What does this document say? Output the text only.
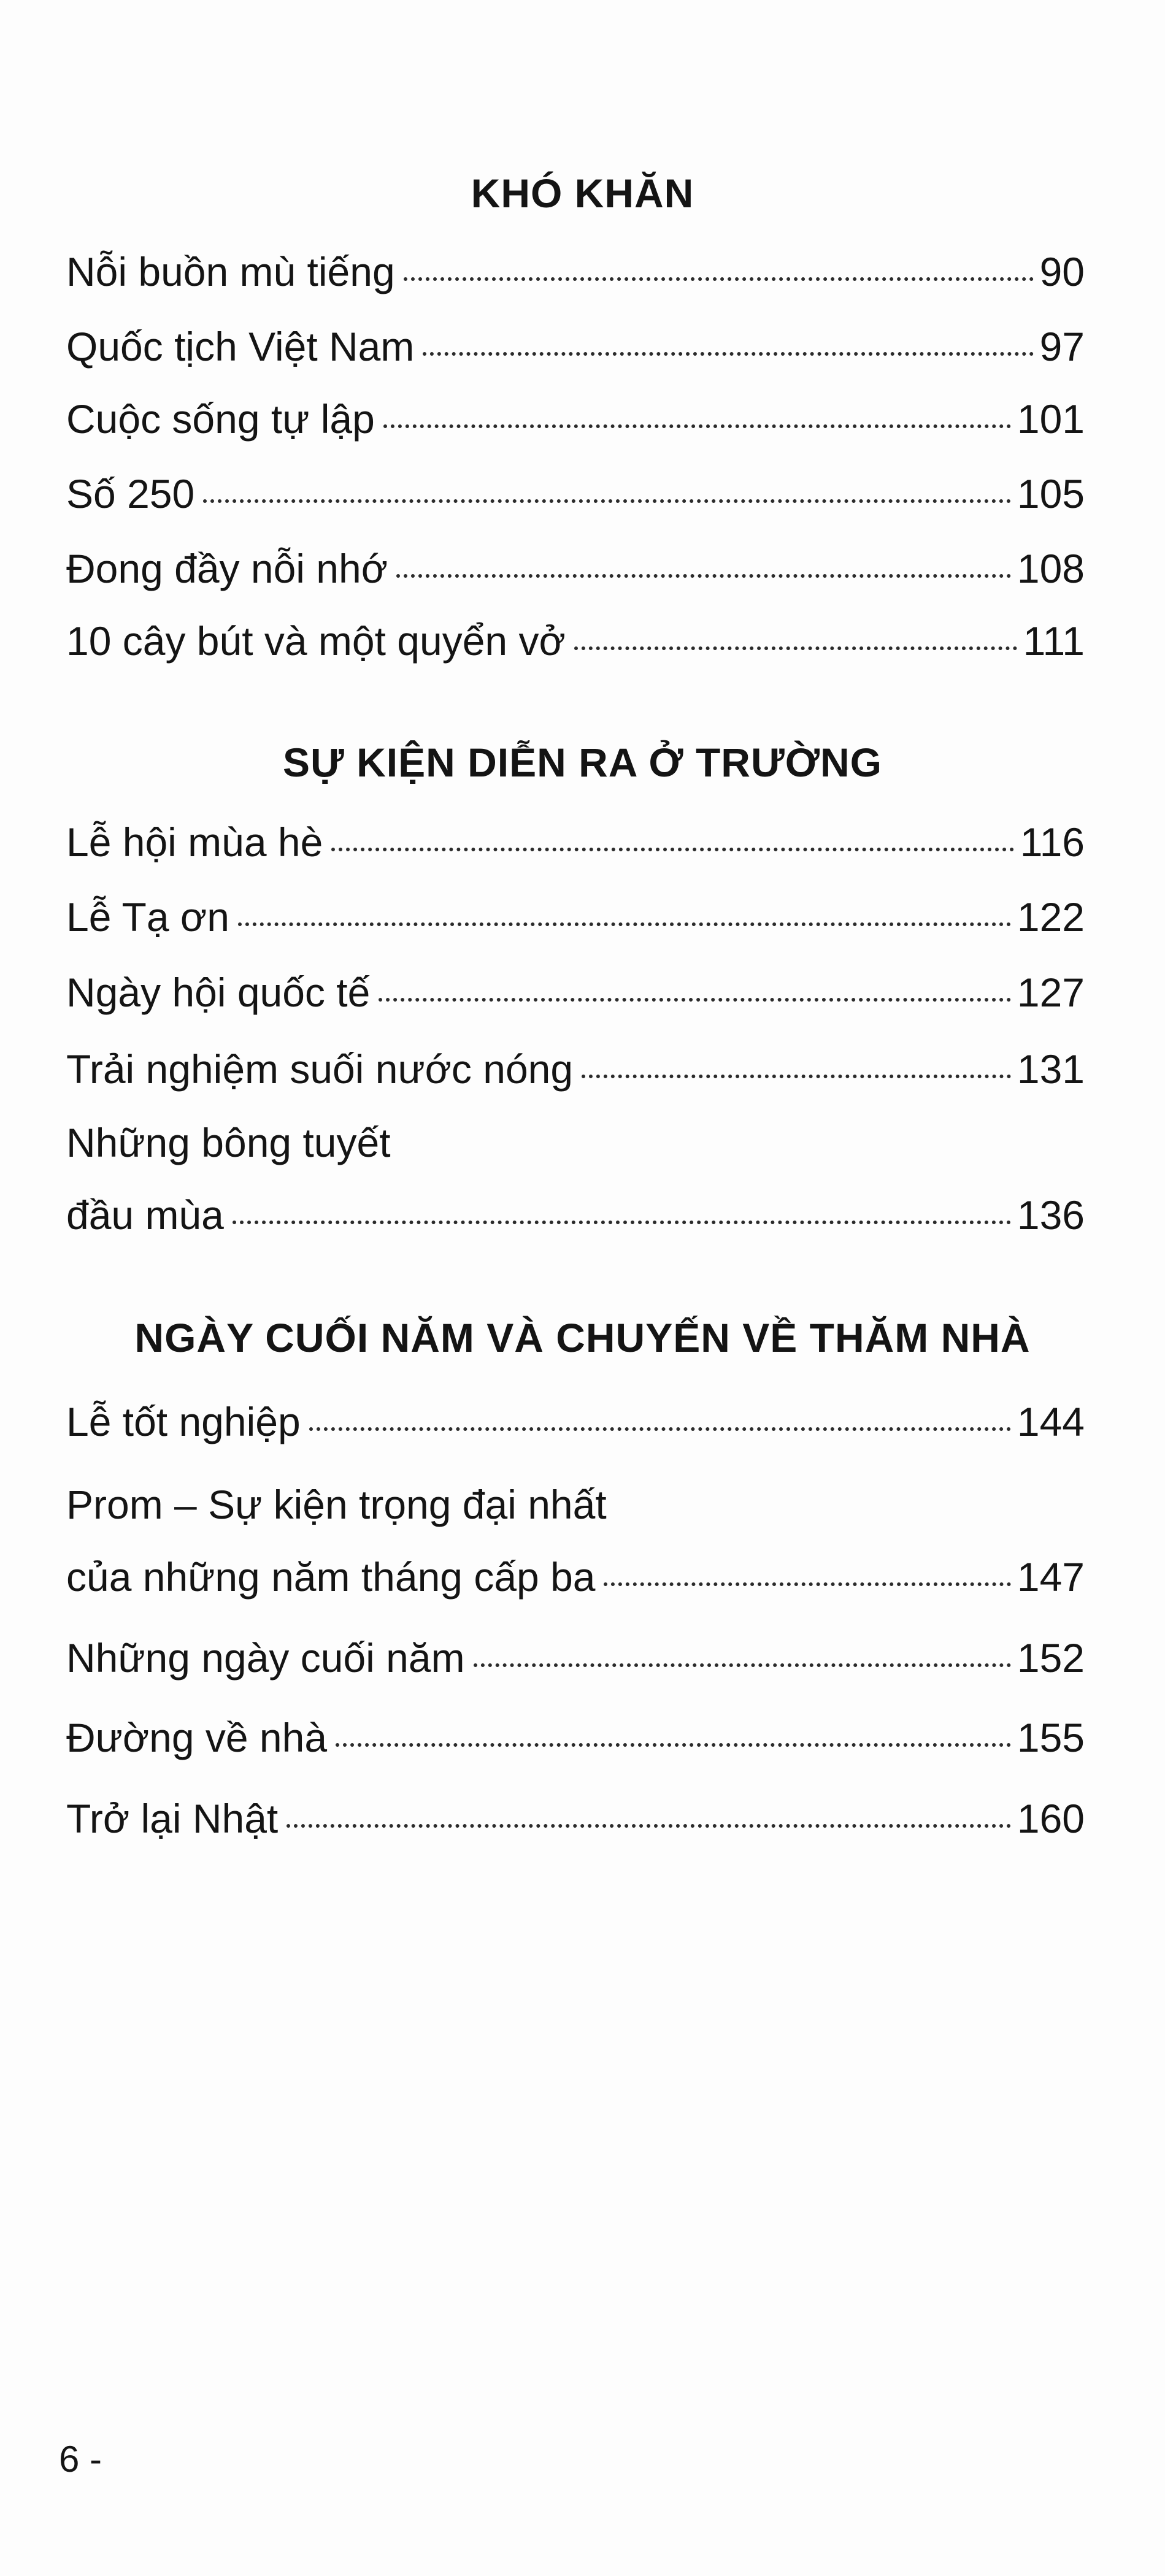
KHÓ KHĂN
Nỗi buồn mù tiếng	90
Quốc tịch Việt Nam	97
Cuộc sống tự lập	101
Số 250	105
Đong đầy nỗi nhớ	108
10 cây bút và một quyển vở	111
SỰ KIỆN DIỄN RA Ở TRƯỜNG
Lễ hội mùa hè	116
Lễ Tạ ơn	122
Ngày hội quốc tế	127
Trải nghiệm suối nước nóng	131
Những bông tuyết
đầu mùa	136
NGÀY CUỐI NĂM VÀ CHUYẾN VỀ THĂM NHÀ
Lễ tốt nghiệp	144
Prom – Sự kiện trọng đại nhất
của những năm tháng cấp ba	147
Những ngày cuối năm	152
Đường về nhà	155
Trở lại Nhật	160
6 -
